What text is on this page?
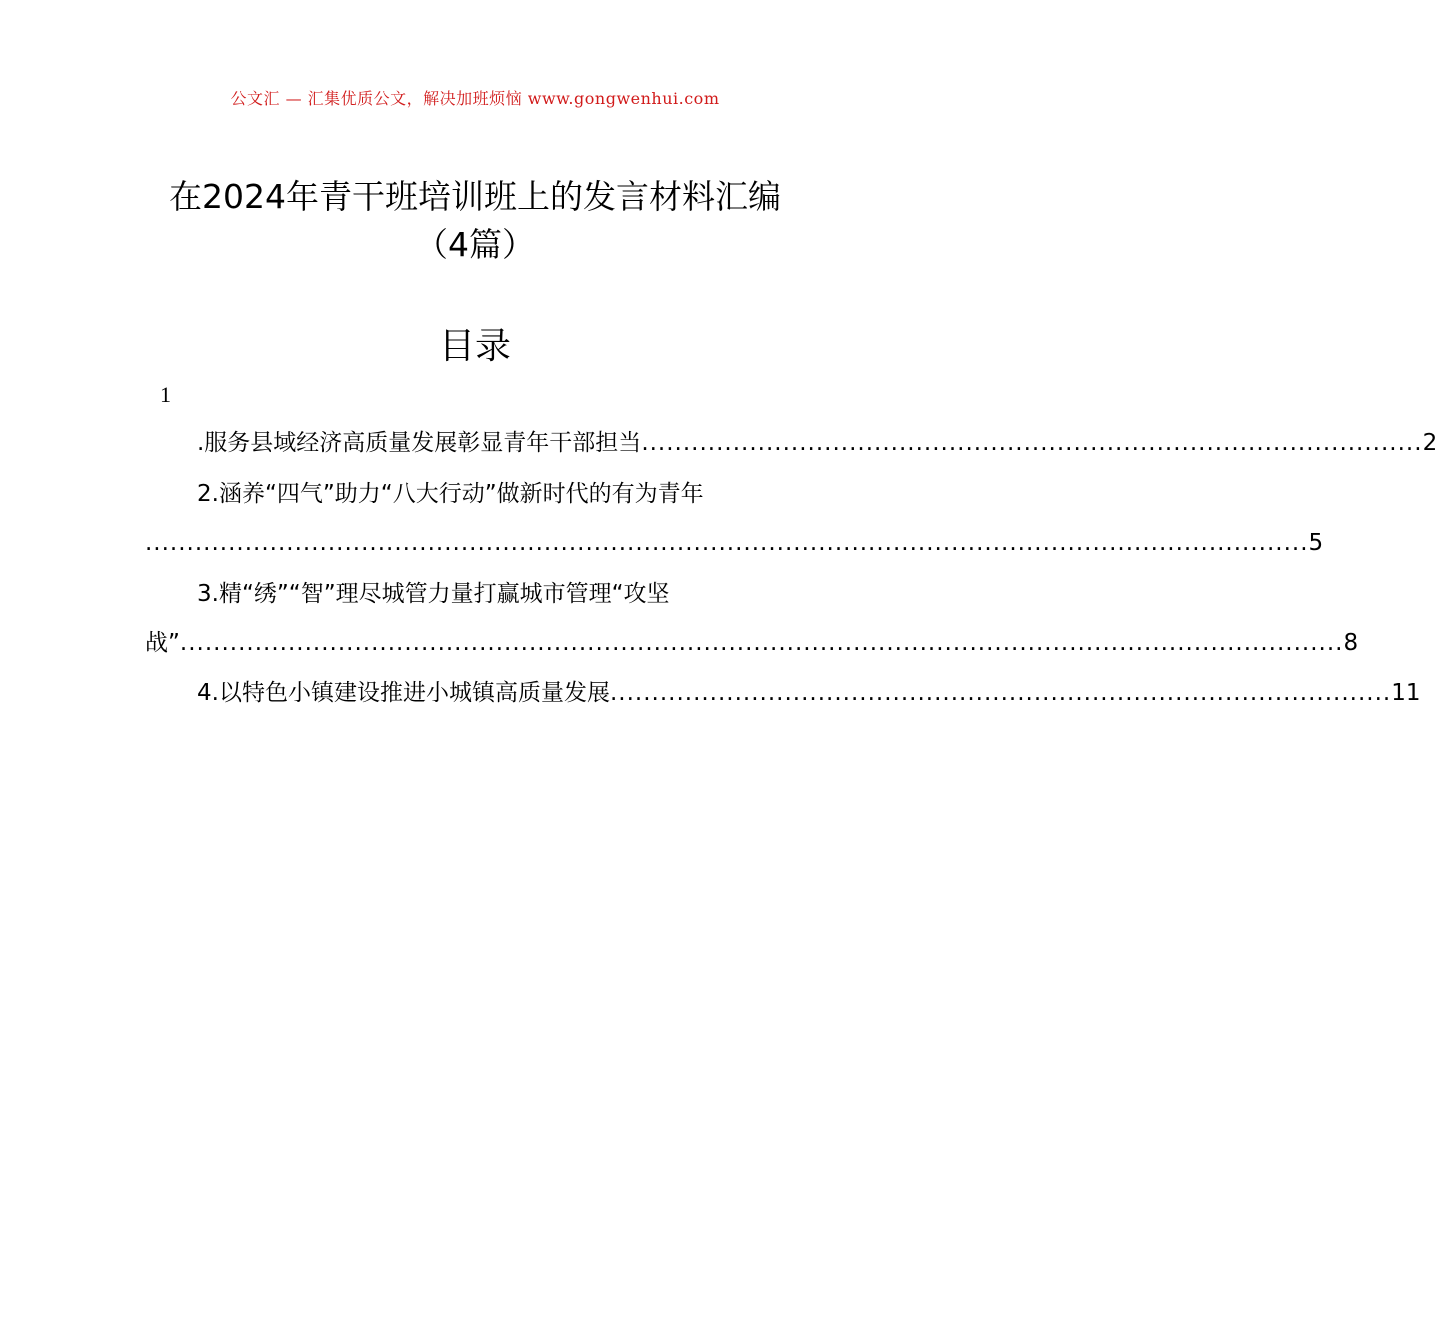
公文汇 — 汇集优质公文，解决加班烦恼 www.gongwenhui.com
在2024年青干班培训班上的发言材料汇编
（4篇）
目录
1
.服务县域经济高质量发展彰显青年干部担当 .............................................................................................. 2
2.涵养“四气”助力“八大行动”做新时代的有为青年
............................................................................................................................................ 5
3.精“绣”“智”理尽城管力量打赢城市管理“攻坚
战” ............................................................................................................................................ 8
4.以特色小镇建设推进小城镇高质量发展 .............................................................................................. 11
